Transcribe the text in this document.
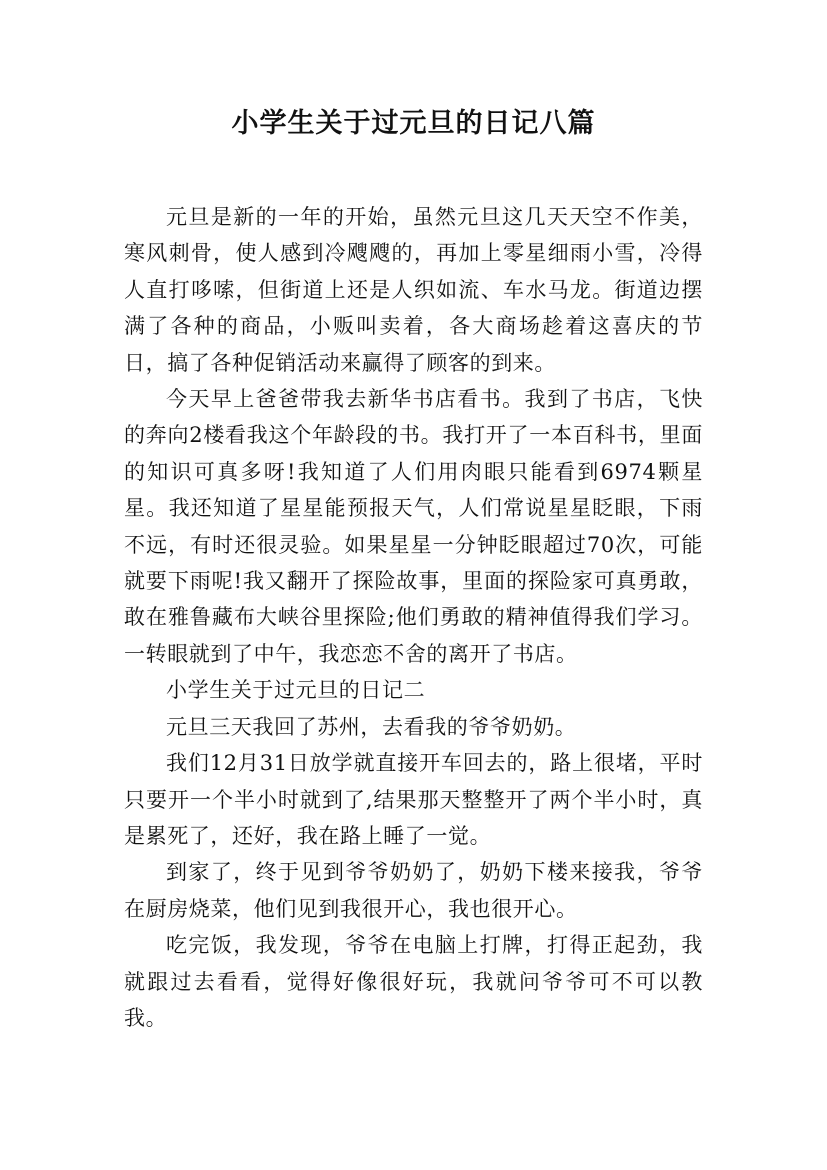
小学生关于过元旦的日记八篇

元旦是新的一年的开始，虽然元旦这几天天空不作美，寒风刺骨，使人感到冷飕飕的，再加上零星细雨小雪，冷得人直打哆嗦，但街道上还是人织如流、车水马龙。街道边摆满了各种的商品，小贩叫卖着，各大商场趁着这喜庆的节日，搞了各种促销活动来赢得了顾客的到来。

今天早上爸爸带我去新华书店看书。我到了书店，飞快的奔向2楼看我这个年龄段的书。我打开了一本百科书，里面的知识可真多呀!我知道了人们用肉眼只能看到6974颗星星。我还知道了星星能预报天气，人们常说星星眨眼，下雨不远，有时还很灵验。如果星星一分钟眨眼超过70次，可能就要下雨呢!我又翻开了探险故事，里面的探险家可真勇敢，敢在雅鲁藏布大峡谷里探险;他们勇敢的精神值得我们学习。一转眼就到了中午，我恋恋不舍的离开了书店。

小学生关于过元旦的日记二

元旦三天我回了苏州，去看我的爷爷奶奶。

我们12月31日放学就直接开车回去的，路上很堵，平时只要开一个半小时就到了,结果那天整整开了两个半小时，真是累死了，还好，我在路上睡了一觉。

到家了，终于见到爷爷奶奶了，奶奶下楼来接我，爷爷在厨房烧菜，他们见到我很开心，我也很开心。

吃完饭，我发现，爷爷在电脑上打牌，打得正起劲，我就跟过去看看，觉得好像很好玩，我就问爷爷可不可以教我。
